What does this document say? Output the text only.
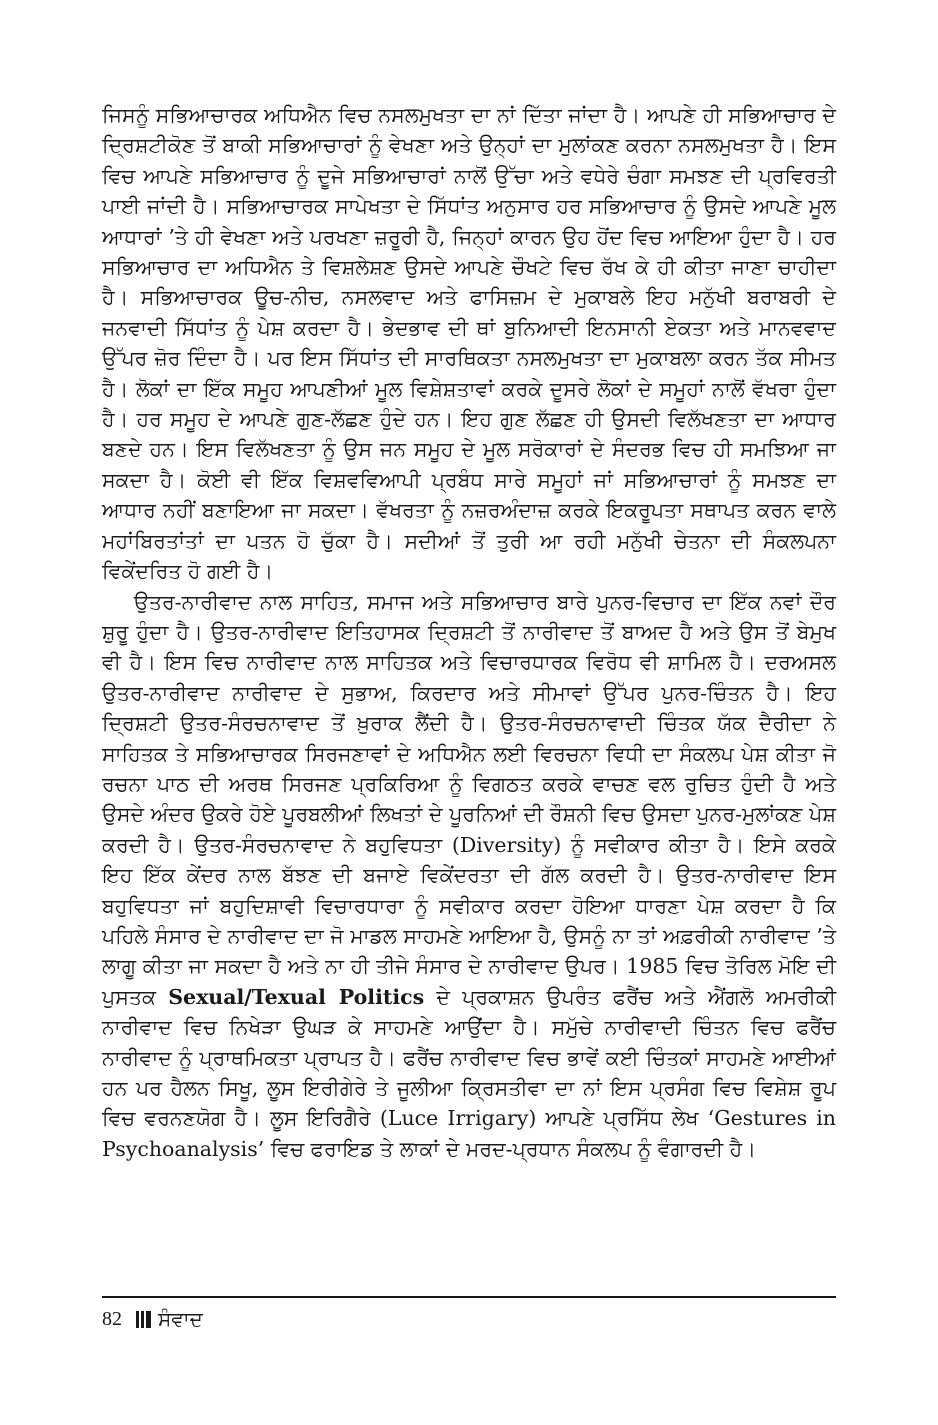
ਜਿਸਨੂੰ ਸਭਿਆਚਾਰਕ ਅਧਿਐਨ ਵਿਚ ਨਸਲਮੁਖਤਾ ਦਾ ਨਾਂ ਦਿੱਤਾ ਜਾਂਦਾ ਹੈ। ਆਪਣੇ ਹੀ ਸਭਿਆਚਾਰ ਦੇ ਦ੍ਰਿਸ਼ਟੀਕੋਣ ਤੋਂ ਬਾਕੀ ਸਭਿਆਚਾਰਾਂ ਨੂੰ ਵੇਖਣਾ ਅਤੇ ਉਨ੍ਹਾਂ ਦਾ ਮੁਲਾਂਕਣ ਕਰਨਾ ਨਸਲਮੁਖਤਾ ਹੈ। ਇਸ ਵਿਚ ਆਪਣੇ ਸਭਿਆਚਾਰ ਨੂੰ ਦੂਜੇ ਸਭਿਆਚਾਰਾਂ ਨਾਲੋਂ ਉੱਚਾ ਅਤੇ ਵਧੇਰੇ ਚੰਗਾ ਸਮਝਣ ਦੀ ਪ੍ਰਵਿਰਤੀ ਪਾਈ ਜਾਂਦੀ ਹੈ। ਸਭਿਆਚਾਰਕ ਸਾਪੇਖਤਾ ਦੇ ਸਿੱਧਾਂਤ ਅਨੁਸਾਰ ਹਰ ਸਭਿਆਚਾਰ ਨੂੰ ਉਸਦੇ ਆਪਣੇ ਮੂਲ ਆਧਾਰਾਂ ’ਤੇ ਹੀ ਵੇਖਣਾ ਅਤੇ ਪਰਖਣਾ ਜ਼ਰੂਰੀ ਹੈ, ਜਿਨ੍ਹਾਂ ਕਾਰਨ ਉਹ ਹੋਂਦ ਵਿਚ ਆਇਆ ਹੁੰਦਾ ਹੈ। ਹਰ ਸਭਿਆਚਾਰ ਦਾ ਅਧਿਐਨ ਤੇ ਵਿਸ਼ਲੇਸ਼ਣ ਉਸਦੇ ਆਪਣੇ ਚੌਖਟੇ ਵਿਚ ਰੱਖ ਕੇ ਹੀ ਕੀਤਾ ਜਾਣਾ ਚਾਹੀਦਾ ਹੈ। ਸਭਿਆਚਾਰਕ ਊਚ-ਨੀਚ, ਨਸਲਵਾਦ ਅਤੇ ਫਾਸਿਜ਼ਮ ਦੇ ਮੁਕਾਬਲੇ ਇਹ ਮਨੁੱਖੀ ਬਰਾਬਰੀ ਦੇ ਜਨਵਾਦੀ ਸਿੱਧਾਂਤ ਨੂੰ ਪੇਸ਼ ਕਰਦਾ ਹੈ। ਭੇਦਭਾਵ ਦੀ ਥਾਂ ਬੁਨਿਆਦੀ ਇਨਸਾਨੀ ਏਕਤਾ ਅਤੇ ਮਾਨਵਵਾਦ ਉੱਪਰ ਜ਼ੋਰ ਦਿੰਦਾ ਹੈ। ਪਰ ਇਸ ਸਿੱਧਾਂਤ ਦੀ ਸਾਰਥਿਕਤਾ ਨਸਲਮੁਖਤਾ ਦਾ ਮੁਕਾਬਲਾ ਕਰਨ ਤੱਕ ਸੀਮਤ ਹੈ। ਲੋਕਾਂ ਦਾ ਇੱਕ ਸਮੂਹ ਆਪਣੀਆਂ ਮੂਲ ਵਿਸ਼ੇਸ਼ਤਾਵਾਂ ਕਰਕੇ ਦੂਸਰੇ ਲੋਕਾਂ ਦੇ ਸਮੂਹਾਂ ਨਾਲੋਂ ਵੱਖਰਾ ਹੁੰਦਾ ਹੈ। ਹਰ ਸਮੂਹ ਦੇ ਆਪਣੇ ਗੁਣ-ਲੱਛਣ ਹੁੰਦੇ ਹਨ। ਇਹ ਗੁਣ ਲੱਛਣ ਹੀ ਉਸਦੀ ਵਿਲੱਖਣਤਾ ਦਾ ਆਧਾਰ ਬਣਦੇ ਹਨ। ਇਸ ਵਿਲੱਖਣਤਾ ਨੂੰ ਉਸ ਜਨ ਸਮੂਹ ਦੇ ਮੂਲ ਸਰੋਕਾਰਾਂ ਦੇ ਸੰਦਰਭ ਵਿਚ ਹੀ ਸਮਝਿਆ ਜਾ ਸਕਦਾ ਹੈ। ਕੋਈ ਵੀ ਇੱਕ ਵਿਸ਼ਵਵਿਆਪੀ ਪ੍ਰਬੰਧ ਸਾਰੇ ਸਮੂਹਾਂ ਜਾਂ ਸਭਿਆਚਾਰਾਂ ਨੂੰ ਸਮਝਣ ਦਾ ਆਧਾਰ ਨਹੀਂ ਬਣਾਇਆ ਜਾ ਸਕਦਾ। ਵੱਖਰਤਾ ਨੂੰ ਨਜ਼ਰਅੰਦਾਜ਼ ਕਰਕੇ ਇਕਰੂਪਤਾ ਸਥਾਪਤ ਕਰਨ ਵਾਲੇ ਮਹਾਂਬਿਰਤਾਂਤਾਂ ਦਾ ਪਤਨ ਹੋ ਚੁੱਕਾ ਹੈ। ਸਦੀਆਂ ਤੋਂ ਤੁਰੀ ਆ ਰਹੀ ਮਨੁੱਖੀ ਚੇਤਨਾ ਦੀ ਸੰਕਲਪਨਾ ਵਿਕੇਂਦਰਿਤ ਹੋ ਗਈ ਹੈ।

ਉਤਰ-ਨਾਰੀਵਾਦ ਨਾਲ ਸਾਹਿਤ, ਸਮਾਜ ਅਤੇ ਸਭਿਆਚਾਰ ਬਾਰੇ ਪੁਨਰ-ਵਿਚਾਰ ਦਾ ਇੱਕ ਨਵਾਂ ਦੌਰ ਸ਼ੁਰੂ ਹੁੰਦਾ ਹੈ। ਉਤਰ-ਨਾਰੀਵਾਦ ਇਤਿਹਾਸਕ ਦ੍ਰਿਸ਼ਟੀ ਤੋਂ ਨਾਰੀਵਾਦ ਤੋਂ ਬਾਅਦ ਹੈ ਅਤੇ ਉਸ ਤੋਂ ਬੇਮੁਖ ਵੀ ਹੈ। ਇਸ ਵਿਚ ਨਾਰੀਵਾਦ ਨਾਲ ਸਾਹਿਤਕ ਅਤੇ ਵਿਚਾਰਧਾਰਕ ਵਿਰੋਧ ਵੀ ਸ਼ਾਮਿਲ ਹੈ। ਦਰਅਸਲ ਉਤਰ-ਨਾਰੀਵਾਦ ਨਾਰੀਵਾਦ ਦੇ ਸੁਭਾਅ, ਕਿਰਦਾਰ ਅਤੇ ਸੀਮਾਵਾਂ ਉੱਪਰ ਪੁਨਰ-ਚਿੰਤਨ ਹੈ। ਇਹ ਦ੍ਰਿਸ਼ਟੀ ਉਤਰ-ਸੰਰਚਨਾਵਾਦ ਤੋਂ ਖ਼ੁਰਾਕ ਲੈਂਦੀ ਹੈ। ਉਤਰ-ਸੰਰਚਨਾਵਾਦੀ ਚਿੰਤਕ ਯੱਕ ਦੈਰੀਦਾ ਨੇ ਸਾਹਿਤਕ ਤੇ ਸਭਿਆਚਾਰਕ ਸਿਰਜਣਾਵਾਂ ਦੇ ਅਧਿਐਨ ਲਈ ਵਿਰਚਨਾ ਵਿਧੀ ਦਾ ਸੰਕਲਪ ਪੇਸ਼ ਕੀਤਾ ਜੋ ਰਚਨਾ ਪਾਠ ਦੀ ਅਰਥ ਸਿਰਜਣ ਪ੍ਰਕਿਰਿਆ ਨੂੰ ਵਿਗਠਤ ਕਰਕੇ ਵਾਚਣ ਵਲ ਰੁਚਿਤ ਹੁੰਦੀ ਹੈ ਅਤੇ ਉਸਦੇ ਅੰਦਰ ਉਕਰੇ ਹੋਏ ਪੂਰਬਲੀਆਂ ਲਿਖਤਾਂ ਦੇ ਪੂਰਨਿਆਂ ਦੀ ਰੌਸ਼ਨੀ ਵਿਚ ਉਸਦਾ ਪੁਨਰ-ਮੁਲਾਂਕਣ ਪੇਸ਼ ਕਰਦੀ ਹੈ। ਉਤਰ-ਸੰਰਚਨਾਵਾਦ ਨੇ ਬਹੁਵਿਧਤਾ (Diversity) ਨੂੰ ਸਵੀਕਾਰ ਕੀਤਾ ਹੈ। ਇਸੇ ਕਰਕੇ ਇਹ ਇੱਕ ਕੇਂਦਰ ਨਾਲ ਬੱਝਣ ਦੀ ਬਜਾਏ ਵਿਕੇਂਦਰਤਾ ਦੀ ਗੱਲ ਕਰਦੀ ਹੈ। ਉਤਰ-ਨਾਰੀਵਾਦ ਇਸ ਬਹੁਵਿਧਤਾ ਜਾਂ ਬਹੁਦਿਸ਼ਾਵੀ ਵਿਚਾਰਧਾਰਾ ਨੂੰ ਸਵੀਕਾਰ ਕਰਦਾ ਹੋਇਆ ਧਾਰਣਾ ਪੇਸ਼ ਕਰਦਾ ਹੈ ਕਿ ਪਹਿਲੇ ਸੰਸਾਰ ਦੇ ਨਾਰੀਵਾਦ ਦਾ ਜੋ ਮਾਡਲ ਸਾਹਮਣੇ ਆਇਆ ਹੈ, ਉਸਨੂੰ ਨਾ ਤਾਂ ਅਫ਼ਰੀਕੀ ਨਾਰੀਵਾਦ ’ਤੇ ਲਾਗੂ ਕੀਤਾ ਜਾ ਸਕਦਾ ਹੈ ਅਤੇ ਨਾ ਹੀ ਤੀਜੇ ਸੰਸਾਰ ਦੇ ਨਾਰੀਵਾਦ ਉਪਰ। 1985 ਵਿਚ ਤੋਰਿਲ ਮੋਇ ਦੀ ਪੁਸਤਕ Sexual/Texual Politics ਦੇ ਪ੍ਰਕਾਸ਼ਨ ਉਪਰੰਤ ਫਰੈਂਚ ਅਤੇ ਐਂਗਲੋ ਅਮਰੀਕੀ ਨਾਰੀਵਾਦ ਵਿਚ ਨਿਖੇੜਾ ਉਘੜ ਕੇ ਸਾਹਮਣੇ ਆਉਂਦਾ ਹੈ। ਸਮੁੱਚੇ ਨਾਰੀਵਾਦੀ ਚਿੰਤਨ ਵਿਚ ਫਰੈਂਚ ਨਾਰੀਵਾਦ ਨੂੰ ਪ੍ਰਾਥਮਿਕਤਾ ਪ੍ਰਾਪਤ ਹੈ। ਫਰੈਂਚ ਨਾਰੀਵਾਦ ਵਿਚ ਭਾਵੇਂ ਕਈ ਚਿੰਤਕਾਂ ਸਾਹਮਣੇ ਆਈਆਂ ਹਨ ਪਰ ਹੈਲਨ ਸਿਖੂ, ਲੂਸ ਇਰੀਗੇਰੇ ਤੇ ਜੂਲੀਆ ਕ੍ਰਿਸਤੀਵਾ ਦਾ ਨਾਂ ਇਸ ਪ੍ਰਸੰਗ ਵਿਚ ਵਿਸ਼ੇਸ਼ ਰੂਪ ਵਿਚ ਵਰਨਣਯੋਗ ਹੈ। ਲੂਸ ਇਰਿਗੈਰੇ (Luce Irrigary) ਆਪਣੇ ਪ੍ਰਸਿੱਧ ਲੇਖ ‘Gestures in Psychoanalysis’ ਵਿਚ ਫਰਾਇਡ ਤੇ ਲਾਕਾਂ ਦੇ ਮਰਦ-ਪ੍ਰਧਾਨ ਸੰਕਲਪ ਨੂੰ ਵੰਗਾਰਦੀ ਹੈ।

82 ਸੰਵਾਦ
